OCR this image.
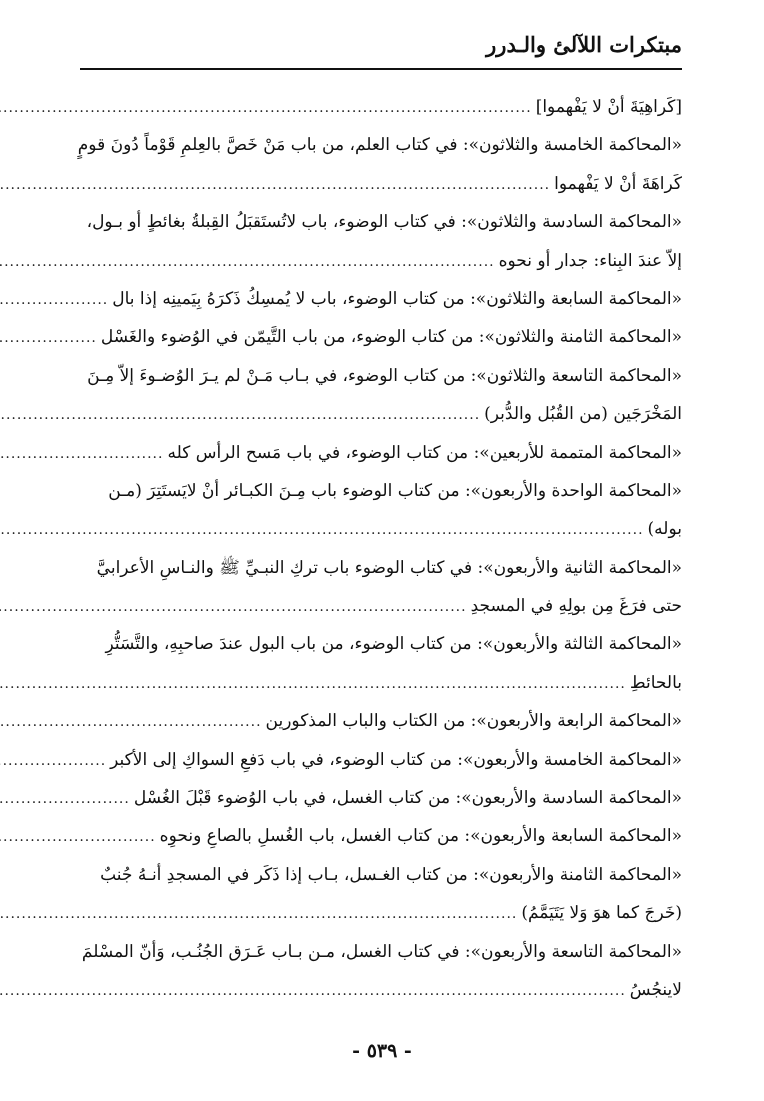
مبتكرات اللآلئ والـدرر
[كَراهِيَةَ أنْ لا يَفْهموا]
.....
«المحاكمة الخامسة والثلاثون»: في كتاب العلم، من باب مَنْ خَصَّ بالعِلمِ قَوْماً دُونَ قومٍ
كَراهَةَ أنْ لا يَفْهموا
.....
«المحاكمة السادسة والثلاثون»: في كتاب الوضوء، باب لاتُستَقبَلُ القِبلةُ بغائطٍ أو بـول،
إلاّ عندَ البِناء: جدار أو نحوه
.....
«المحاكمة السابعة والثلاثون»: من كتاب الوضوء، باب لا يُمسِكُ ذَكرَهُ بِيَمينِه إذا بال
.....
«المحاكمة الثامنة والثلاثون»: من كتاب الوضوء، من باب التَّيمّن في الوُضوء والغَسْل
.....
«المحاكمة التاسعة والثلاثون»: من كتاب الوضوء، في بـاب مَـنْ لم يـرَ الوُضـوءَ إلاّ مِـنَ
المَخْرَجَين (من القُبُل والدُّبر)
.....
«المحاكمة المتممة للأربعين»: من كتاب الوضوء، في باب مَسح الرأس كله
.....
«المحاكمة الواحدة والأربعون»: من كتاب الوضوء باب مِـنَ الكبـائر أنْ لايَستَتِرَ (مـن
بوله)
.....
«المحاكمة الثانية والأربعون»: في كتاب الوضوء باب تركِ النبـيِّ ﷺ والنـاسِ الأعرابيَّ
حتى فرَغَ مِن بولِهِ في المسجدِ
.....
«المحاكمة الثالثة والأربعون»: من كتاب الوضوء، من باب البول عندَ صاحبِهِ، والتَّسَتُّرِ
بالحائطِ
.....
«المحاكمة الرابعة والأربعون»: من الكتاب والباب المذكورين
.....
«المحاكمة الخامسة والأربعون»: من كتاب الوضوء، في باب دَفعِ السواكِ إلى الأكبر
.....
«المحاكمة السادسة والأربعون»: من كتاب الغسل، في باب الوُضوء قَبْلَ الغُسْل
.....
«المحاكمة السابعة والأربعون»: من كتاب الغسل، باب الغُسلِ بالصاعِ ونحوِه
.....
«المحاكمة الثامنة والأربعون»: من كتاب الغـسل، بـاب إذا ذَكَر في المسجدِ أنـهُ جُنبٌ
(خَرجَ كما هوَ وَلا يَتَيَمَّمُ)
.....
«المحاكمة التاسعة والأربعون»: في كتاب الغسل، مـن بـاب عَـرَق الجُنُـب، وَأنّ المسْلمَ
لاينجُسُ
.....
- ٥٣٩ -
